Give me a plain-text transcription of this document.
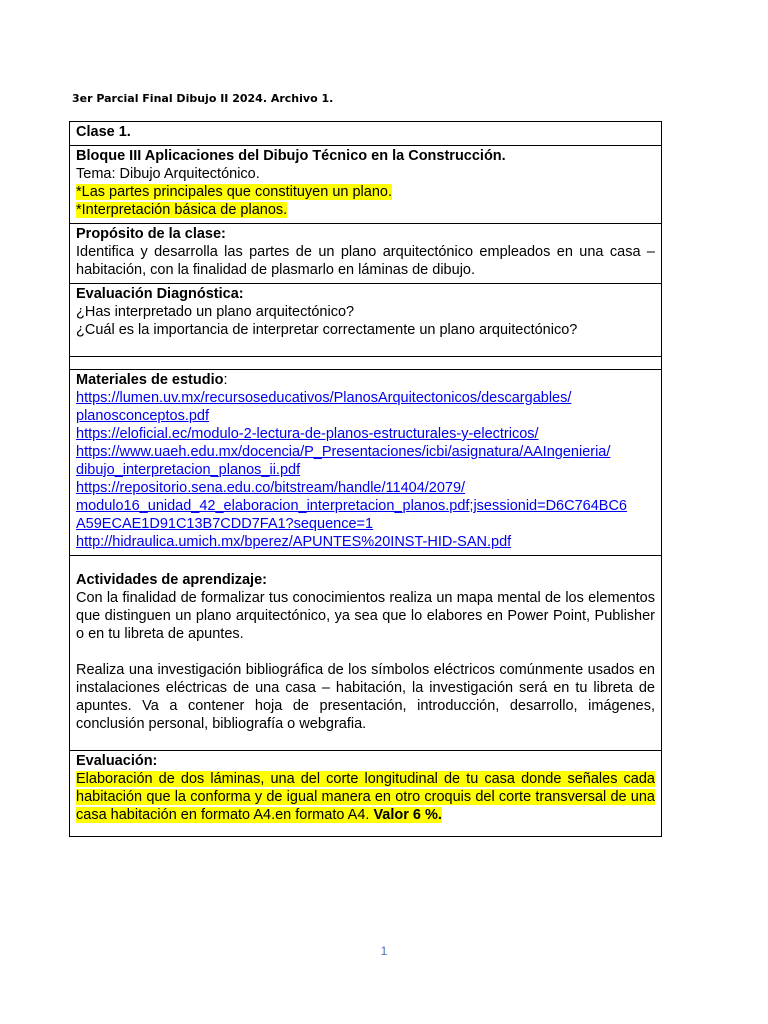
3er Parcial Final Dibujo II 2024. Archivo 1.
Clase 1.

Bloque III Aplicaciones del Dibujo Técnico en la Construcción.

Tema: Dibujo Arquitectónico.

*Las partes principales que constituyen un plano.

*Interpretación básica de planos.

Propósito de la clase:

Identifica y desarrolla las partes de un plano arquitectónico empleados en una casa – habitación, con la finalidad de plasmarlo en láminas de dibujo.

Evaluación Diagnóstica:

¿Has interpretado un plano arquitectónico?

¿Cuál es la importancia de interpretar correctamente un plano arquitectónico?

Materiales de estudio:

https://lumen.uv.mx/recursoseducativos/PlanosArquitectonicos/descargables/
planosconceptos.pdf
https://eloficial.ec/modulo-2-lectura-de-planos-estructurales-y-electricos/
https://www.uaeh.edu.mx/docencia/P_Presentaciones/icbi/asignatura/AAIngenieria/
dibujo_interpretacion_planos_ii.pdf
https://repositorio.sena.edu.co/bitstream/handle/11404/2079/
modulo16_unidad_42_elaboracion_interpretacion_planos.pdf;jsessionid=D6C764BC6
A59ECAE1D91C13B7CDD7FA1?sequence=1
http://hidraulica.umich.mx/bperez/APUNTES%20INST-HID-SAN.pdf

Actividades de aprendizaje:

Con la finalidad de formalizar tus conocimientos realiza un mapa mental de los elementos que distinguen un plano arquitectónico, ya sea que lo elabores en Power Point, Publisher o en tu libreta de apuntes.

Realiza una investigación bibliográfica de los símbolos eléctricos comúnmente usados en instalaciones eléctricas de una casa – habitación, la investigación será en tu libreta de apuntes. Va a contener hoja de presentación, introducción, desarrollo, imágenes, conclusión personal, bibliografía o webgrafia.

Evaluación:

Elaboración de dos láminas, una del corte longitudinal de tu casa donde señales cada habitación que la conforma y de igual manera en otro croquis del corte transversal de una casa habitación en formato A4.en formato A4. Valor 6 %.

1
